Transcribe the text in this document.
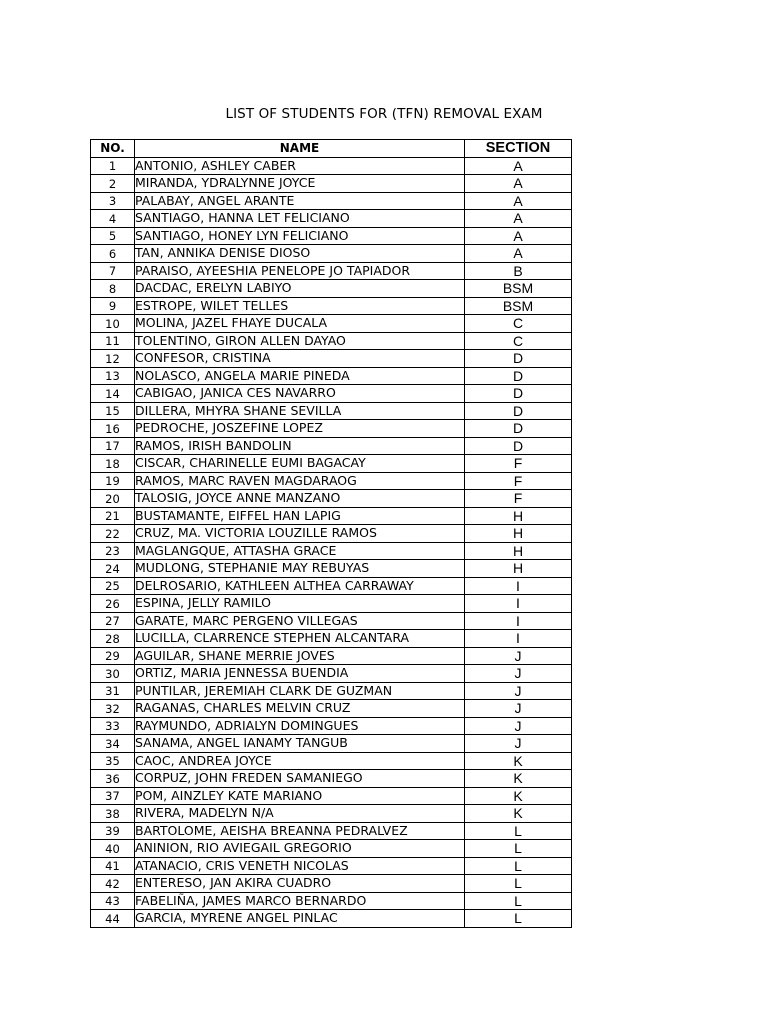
LIST OF STUDENTS FOR (TFN) REMOVAL EXAM
NO.	NAME	SECTION
1	ANTONIO, ASHLEY CABER	A
2	MIRANDA, YDRALYNNE JOYCE	A
3	PALABAY, ANGEL ARANTE	A
4	SANTIAGO, HANNA LET FELICIANO	A
5	SANTIAGO, HONEY LYN FELICIANO	A
6	TAN, ANNIKA DENISE DIOSO	A
7	PARAISO, AYEESHIA PENELOPE JO TAPIADOR	B
8	DACDAC, ERELYN LABIYO	BSM
9	ESTROPE, WILET TELLES	BSM
10	MOLINA, JAZEL FHAYE DUCALA	C
11	TOLENTINO, GIRON ALLEN DAYAO	C
12	CONFESOR, CRISTINA	D
13	NOLASCO, ANGELA MARIE PINEDA	D
14	CABIGAO, JANICA CES NAVARRO	D
15	DILLERA, MHYRA SHANE SEVILLA	D
16	PEDROCHE, JOSZEFINE LOPEZ	D
17	RAMOS, IRISH BANDOLIN	D
18	CISCAR, CHARINELLE EUMI BAGACAY	F
19	RAMOS, MARC RAVEN MAGDARAOG	F
20	TALOSIG, JOYCE ANNE MANZANO	F
21	BUSTAMANTE, EIFFEL HAN LAPIG	H
22	CRUZ, MA. VICTORIA LOUZILLE RAMOS	H
23	MAGLANGQUE, ATTASHA GRACE	H
24	MUDLONG, STEPHANIE MAY REBUYAS	H
25	DELROSARIO, KATHLEEN ALTHEA CARRAWAY	I
26	ESPINA, JELLY RAMILO	I
27	GARATE, MARC PERGENO VILLEGAS	I
28	LUCILLA, CLARRENCE STEPHEN ALCANTARA	I
29	AGUILAR, SHANE MERRIE JOVES	J
30	ORTIZ, MARIA JENNESSA BUENDIA	J
31	PUNTILAR, JEREMIAH CLARK DE GUZMAN	J
32	RAGANAS, CHARLES MELVIN CRUZ	J
33	RAYMUNDO, ADRIALYN DOMINGUES	J
34	SANAMA, ANGEL IANAMY TANGUB	J
35	CAOC, ANDREA JOYCE	K
36	CORPUZ, JOHN FREDEN SAMANIEGO	K
37	POM, AINZLEY KATE MARIANO	K
38	RIVERA, MADELYN N/A	K
39	BARTOLOME, AEISHA BREANNA PEDRALVEZ	L
40	ANINION, RIO AVIEGAIL GREGORIO	L
41	ATANACIO, CRIS VENETH NICOLAS	L
42	ENTERESO, JAN AKIRA CUADRO	L
43	FABELIÑA, JAMES MARCO BERNARDO	L
44	GARCIA, MYRENE ANGEL PINLAC	L
